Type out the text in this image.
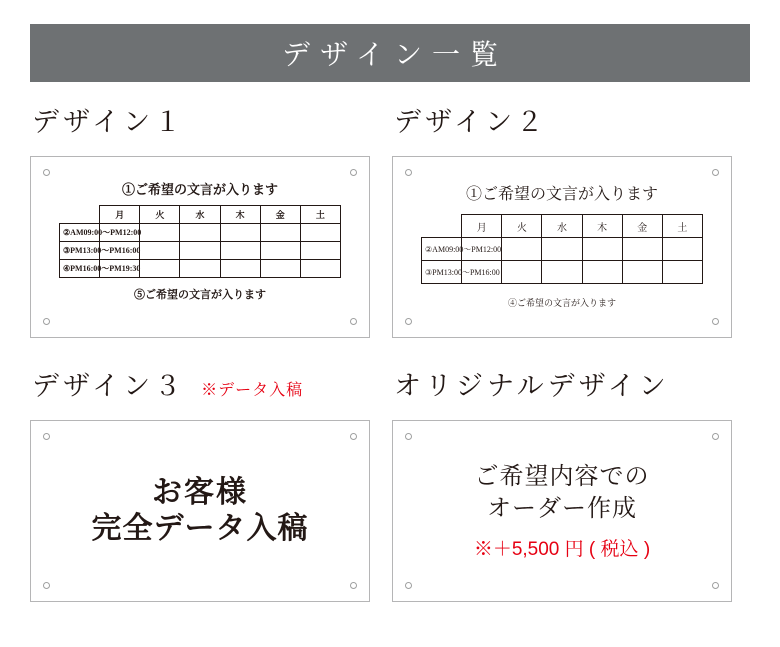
デザイン一覧
デザイン１
①ご希望の文言が入ります
	月	火	水	木	金	土
②AM09:00〜PM12:00						
③PM13:00〜PM16:00						
④PM16:00〜PM19:30						
⑤ご希望の文言が入ります
デザイン２
①ご希望の文言が入ります
	月	火	水	木	金	土
②AM09:00〜PM12:00						
③PM13:00〜PM16:00						
④ご希望の文言が入ります
デザイン３ ※データ入稿
お客様
完全データ入稿
オリジナルデザイン
ご希望内容での
オーダー作成
※＋5,500 円 ( 税込 )
